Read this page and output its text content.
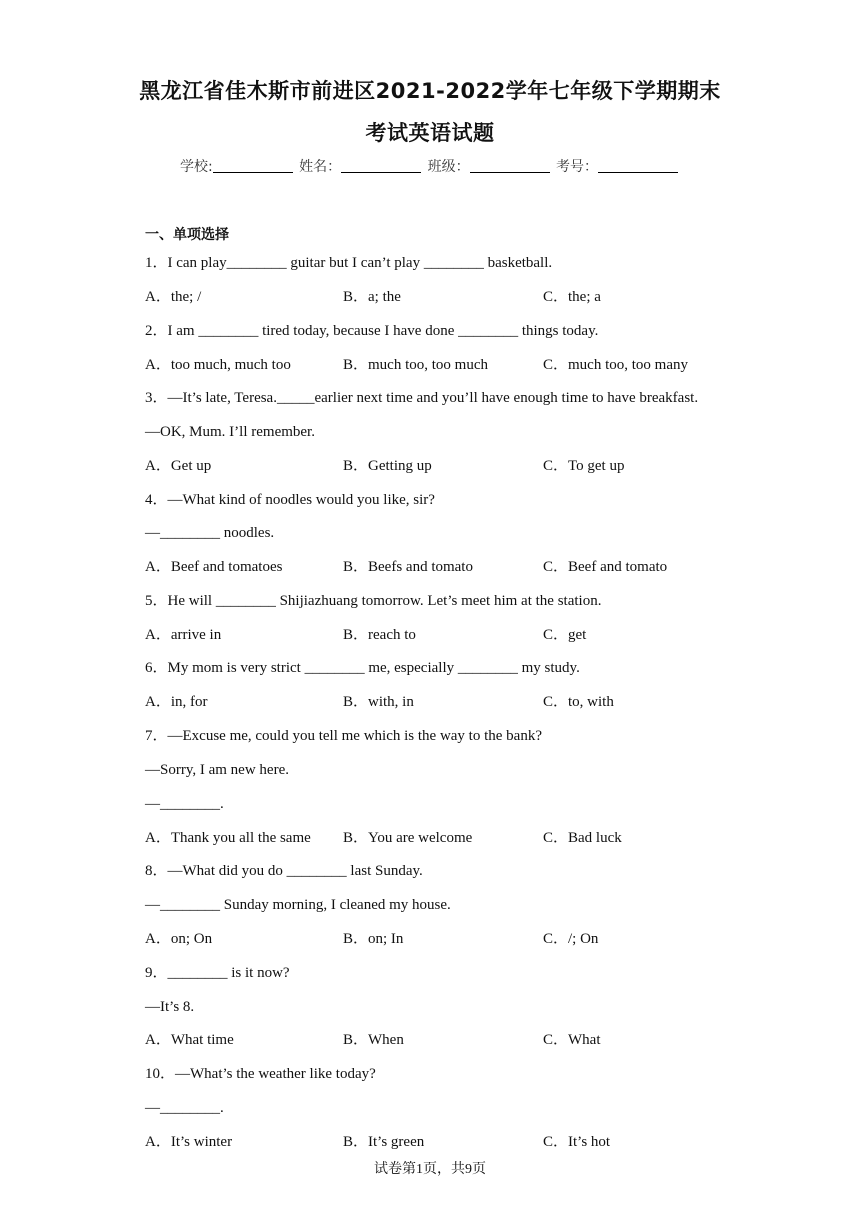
黑龙江省佳木斯市前进区2021-2022学年七年级下学期期末
考试英语试题
学校:	姓名：	班级：	考号：
一、单项选择
1．I can play________ guitar but I can’t play ________ basketball.
A．the; /	B．a; the	C．the; a
2．I am ________ tired today, because I have done ________ things today.
A．too much, much too	B．much too, too much	C．much too, too many
3．—It’s late, Teresa._____earlier next time and you’ll have enough time to have breakfast.
—OK, Mum. I’ll remember.
A．Get up	B．Getting up	C．To get up
4．—What kind of noodles would you like, sir?
—________ noodles.
A．Beef and tomatoes	B．Beefs and tomato	C．Beef and tomato
5．He will ________ Shijiazhuang tomorrow. Let’s meet him at the station.
A．arrive in	B．reach to	C．get
6．My mom is very strict ________ me, especially ________ my study.
A．in, for	B．with, in	C．to, with
7．—Excuse me, could you tell me which is the way to the bank?
—Sorry, I am new here.
—________.
A．Thank you all the same B．You are welcome	C．Bad luck
8．—What did you do ________ last Sunday.
—________ Sunday morning, I cleaned my house.
A．on; On	B．on; In	C．/; On
9．________ is it now?
—It’s 8.
A．What time	B．When	C．What
10．—What’s the weather like today?
—________.
A．It’s winter	B．It’s green	C．It’s hot
试卷第1页，共9页
